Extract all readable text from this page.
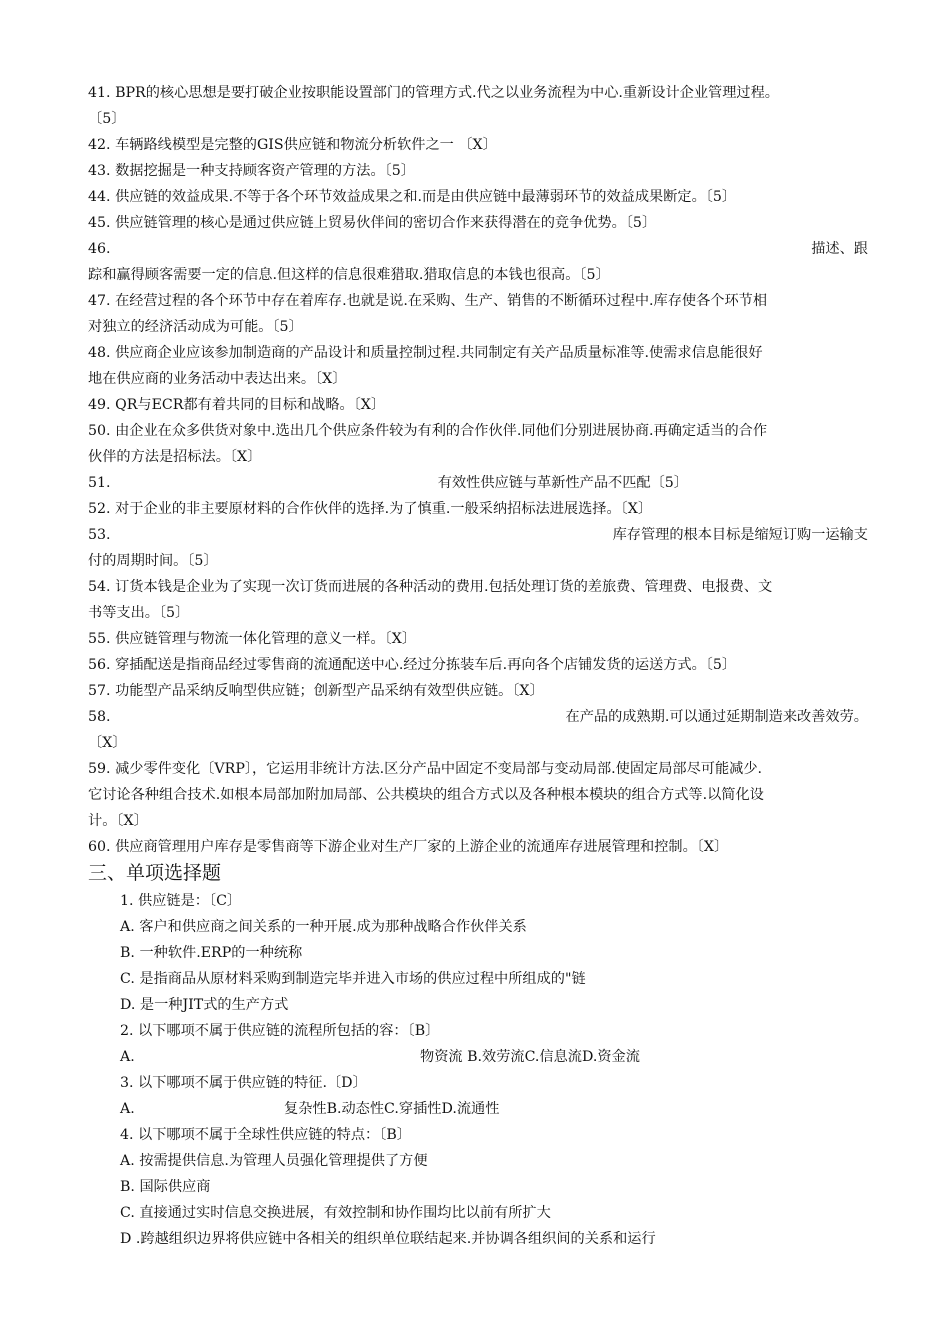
41. BPR的核心思想是要打破企业按职能设置部门的管理方式.代之以业务流程为中心.重新设计企业管理过程。
〔5〕
42. 车辆路线模型是完整的GIS供应链和物流分析软件之一 〔X〕
43. 数据挖掘是一种支持顾客资产管理的方法。〔5〕
44. 供应链的效益成果.不等于各个环节效益成果之和.而是由供应链中最薄弱环节的效益成果断定。〔5〕
45. 供应链管理的核心是通过供应链上贸易伙伴间的密切合作来获得潜在的竞争优势。〔5〕
46.	描述、跟
踪和赢得顾客需要一定的信息.但这样的信息很难猎取.猎取信息的本钱也很高。〔5〕
47. 在经营过程的各个环节中存在着库存.也就是说.在采购、生产、销售的不断循环过程中.库存使各个环节相
对独立的经济活动成为可能。〔5〕
48. 供应商企业应该参加制造商的产品设计和质量控制过程.共同制定有关产品质量标准等.使需求信息能很好
地在供应商的业务活动中表达出来。〔X〕
49. QR与ECR都有着共同的目标和战略。〔X〕
50. 由企业在众多供货对象中.选出几个供应条件较为有利的合作伙伴.同他们分别进展协商.再确定适当的合作
伙伴的方法是招标法。〔X〕
51.	有效性供应链与革新性产品不匹配〔5〕
52. 对于企业的非主要原材料的合作伙伴的选择.为了慎重.一般采纳招标法进展选择。〔X〕
53.	库存管理的根本目标是缩短订购一运输支
付的周期时间。〔5〕
54. 订货本钱是企业为了实现一次订货而进展的各种活动的费用.包括处理订货的差旅费、管理费、电报费、文
书等支出。〔5〕
55. 供应链管理与物流一体化管理的意义一样。〔X〕
56. 穿插配送是指商品经过零售商的流通配送中心.经过分拣装车后.再向各个店铺发货的运送方式。〔5〕
57. 功能型产品采纳反响型供应链；创新型产品采纳有效型供应链。〔X〕
58.	在产品的成熟期.可以通过延期制造来改善效劳。
〔X〕
59. 减少零件变化〔VRP〕，它运用非统计方法.区分产品中固定不变局部与变动局部.使固定局部尽可能减少.
它讨论各种组合技术.如根本局部加附加局部、公共模块的组合方式以及各种根本模块的组合方式等.以简化设
计。〔X〕
60. 供应商管理用户库存是零售商等下游企业对生产厂家的上游企业的流通库存进展管理和控制。〔X〕
三、单项选择题
1. 供应链是：〔C〕
A. 客户和供应商之间关系的一种开展.成为那种战略合作伙伴关系
B. 一种软件.ERP的一种统称
C. 是指商品从原材料采购到制造完毕并进入市场的供应过程中所组成的"链
D. 是一种JIT式的生产方式
2. 以下哪项不属于供应链的流程所包括的容：〔B〕
A.	物资流 B.效劳流C.信息流D.资金流
3. 以下哪项不属于供应链的特征.〔D〕
A.	复杂性B.动态性C.穿插性D.流通性
4. 以下哪项不属于全球性供应链的特点：〔B〕
A. 按需提供信息.为管理人员强化管理提供了方便
B. 国际供应商
C. 直接通过实时信息交换进展，有效控制和协作围均比以前有所扩大
D .跨越组织边界将供应链中各相关的组织单位联结起来.并协调各组织间的关系和运行
